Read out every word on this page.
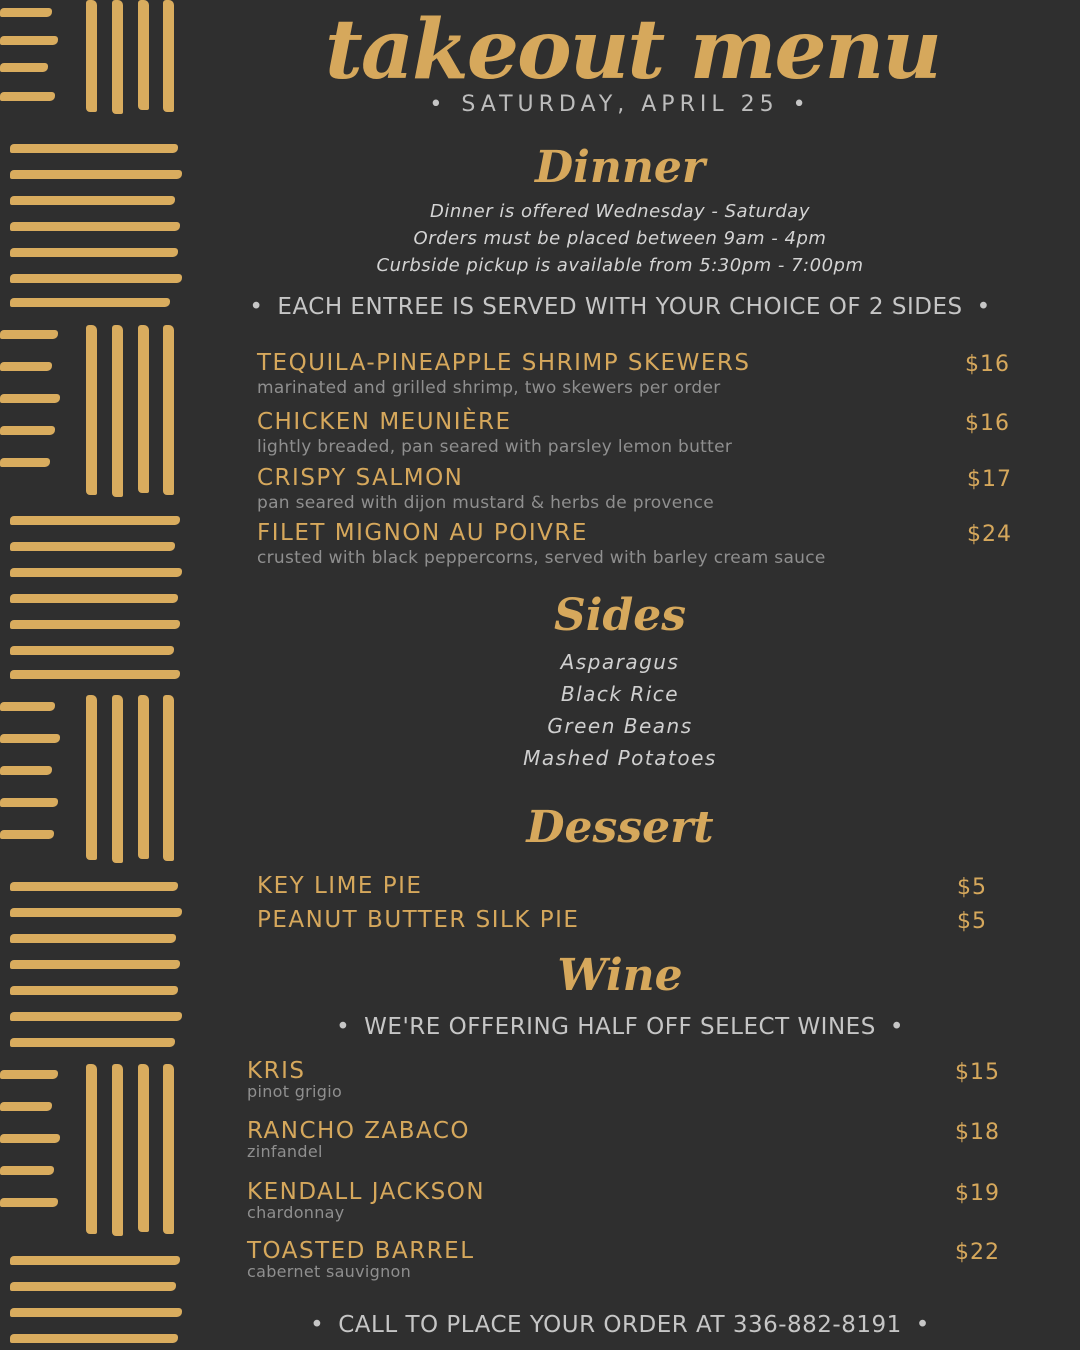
takeout menu
• SATURDAY, APRIL 25 •
Dinner
Dinner is offered Wednesday - Saturday
Orders must be placed between 9am - 4pm
Curbside pickup is available from 5:30pm - 7:00pm
• EACH ENTREE IS SERVED WITH YOUR CHOICE OF 2 SIDES •
TEQUILA-PINEAPPLE SHRIMP SKEWERS
marinated and grilled shrimp, two skewers per order
$16
CHICKEN MEUNIÈRE
lightly breaded, pan seared with parsley lemon butter
$16
CRISPY SALMON
pan seared with dijon mustard & herbs de provence
$17
FILET MIGNON AU POIVRE
crusted with black peppercorns, served with barley cream sauce
$24
Sides
Asparagus
Black Rice
Green Beans
Mashed Potatoes
Dessert
KEY LIME PIE	$5
PEANUT BUTTER SILK PIE	$5
Wine
• WE'RE OFFERING HALF OFF SELECT WINES •
KRIS
pinot grigio
$15
RANCHO ZABACO
zinfandel
$18
KENDALL JACKSON
chardonnay
$19
TOASTED BARREL
cabernet sauvignon
$22
• CALL TO PLACE YOUR ORDER AT 336-882-8191 •
